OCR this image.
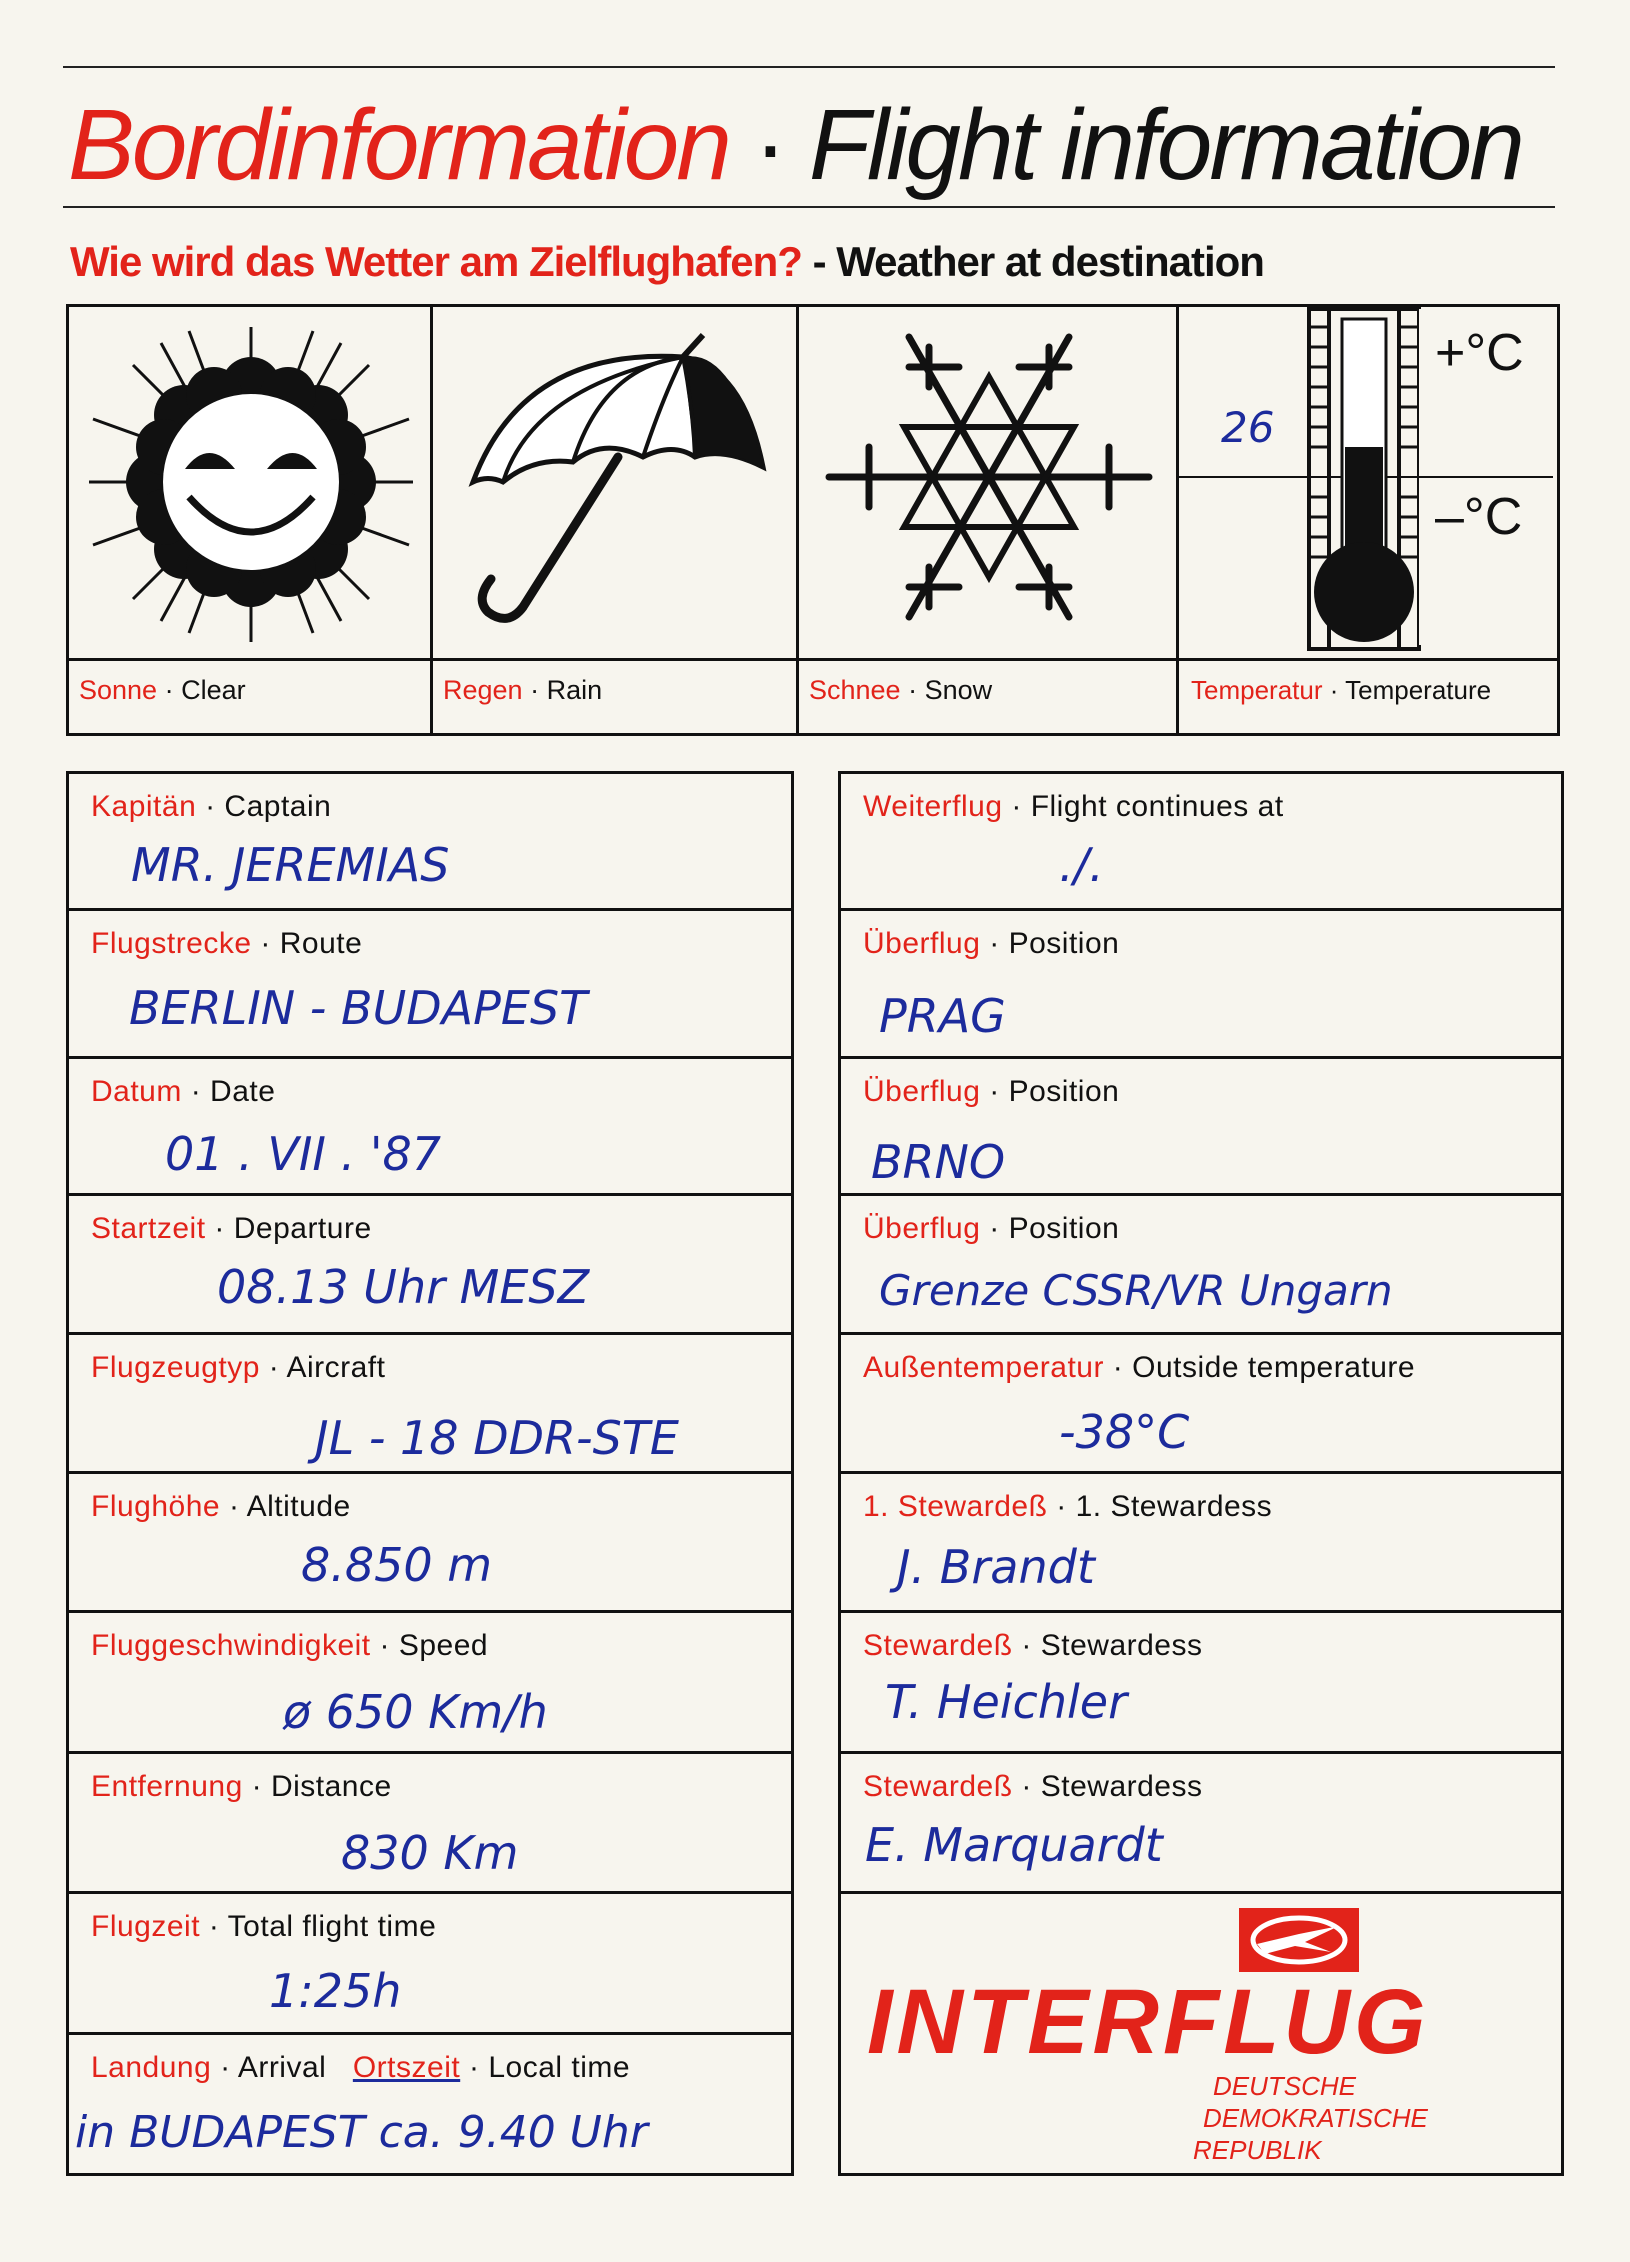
Bordinformation · Flight information
Wie wird das Wetter am Zielflughafen? - Weather at destination
26
+°C
–°C
Sonne · Clear	Regen · Rain	Schnee · Snow	Temperatur · Temperature
Kapitän · Captain
MR. JEREMIAS
Flugstrecke · Route
BERLIN - BUDAPEST
Datum · Date
01 . VII . '87
Startzeit · Departure
08.13 Uhr MESZ
Flugzeugtyp · Aircraft
JL - 18 DDR-STE
Flughöhe · Altitude
8.850 m
Fluggeschwindigkeit · Speed
ø 650 Km/h
Entfernung · Distance
830 Km
Flugzeit · Total flight time
1:25h
Landung · Arrival Ortszeit · Local time
in BUDAPEST ca. 9.40 Uhr
Weiterflug · Flight continues at
./.
Überflug · Position
PRAG
Überflug · Position
BRNO
Überflug · Position
Grenze CSSR/VR Ungarn
Außentemperatur · Outside temperature
-38°C
1. Stewardeß · 1. Stewardess
J. Brandt
Stewardeß · Stewardess
T. Heichler
Stewardeß · Stewardess
E. Marquardt
INTERFLUG
DEUTSCHE
DEMOKRATISCHE
REPUBLIK
